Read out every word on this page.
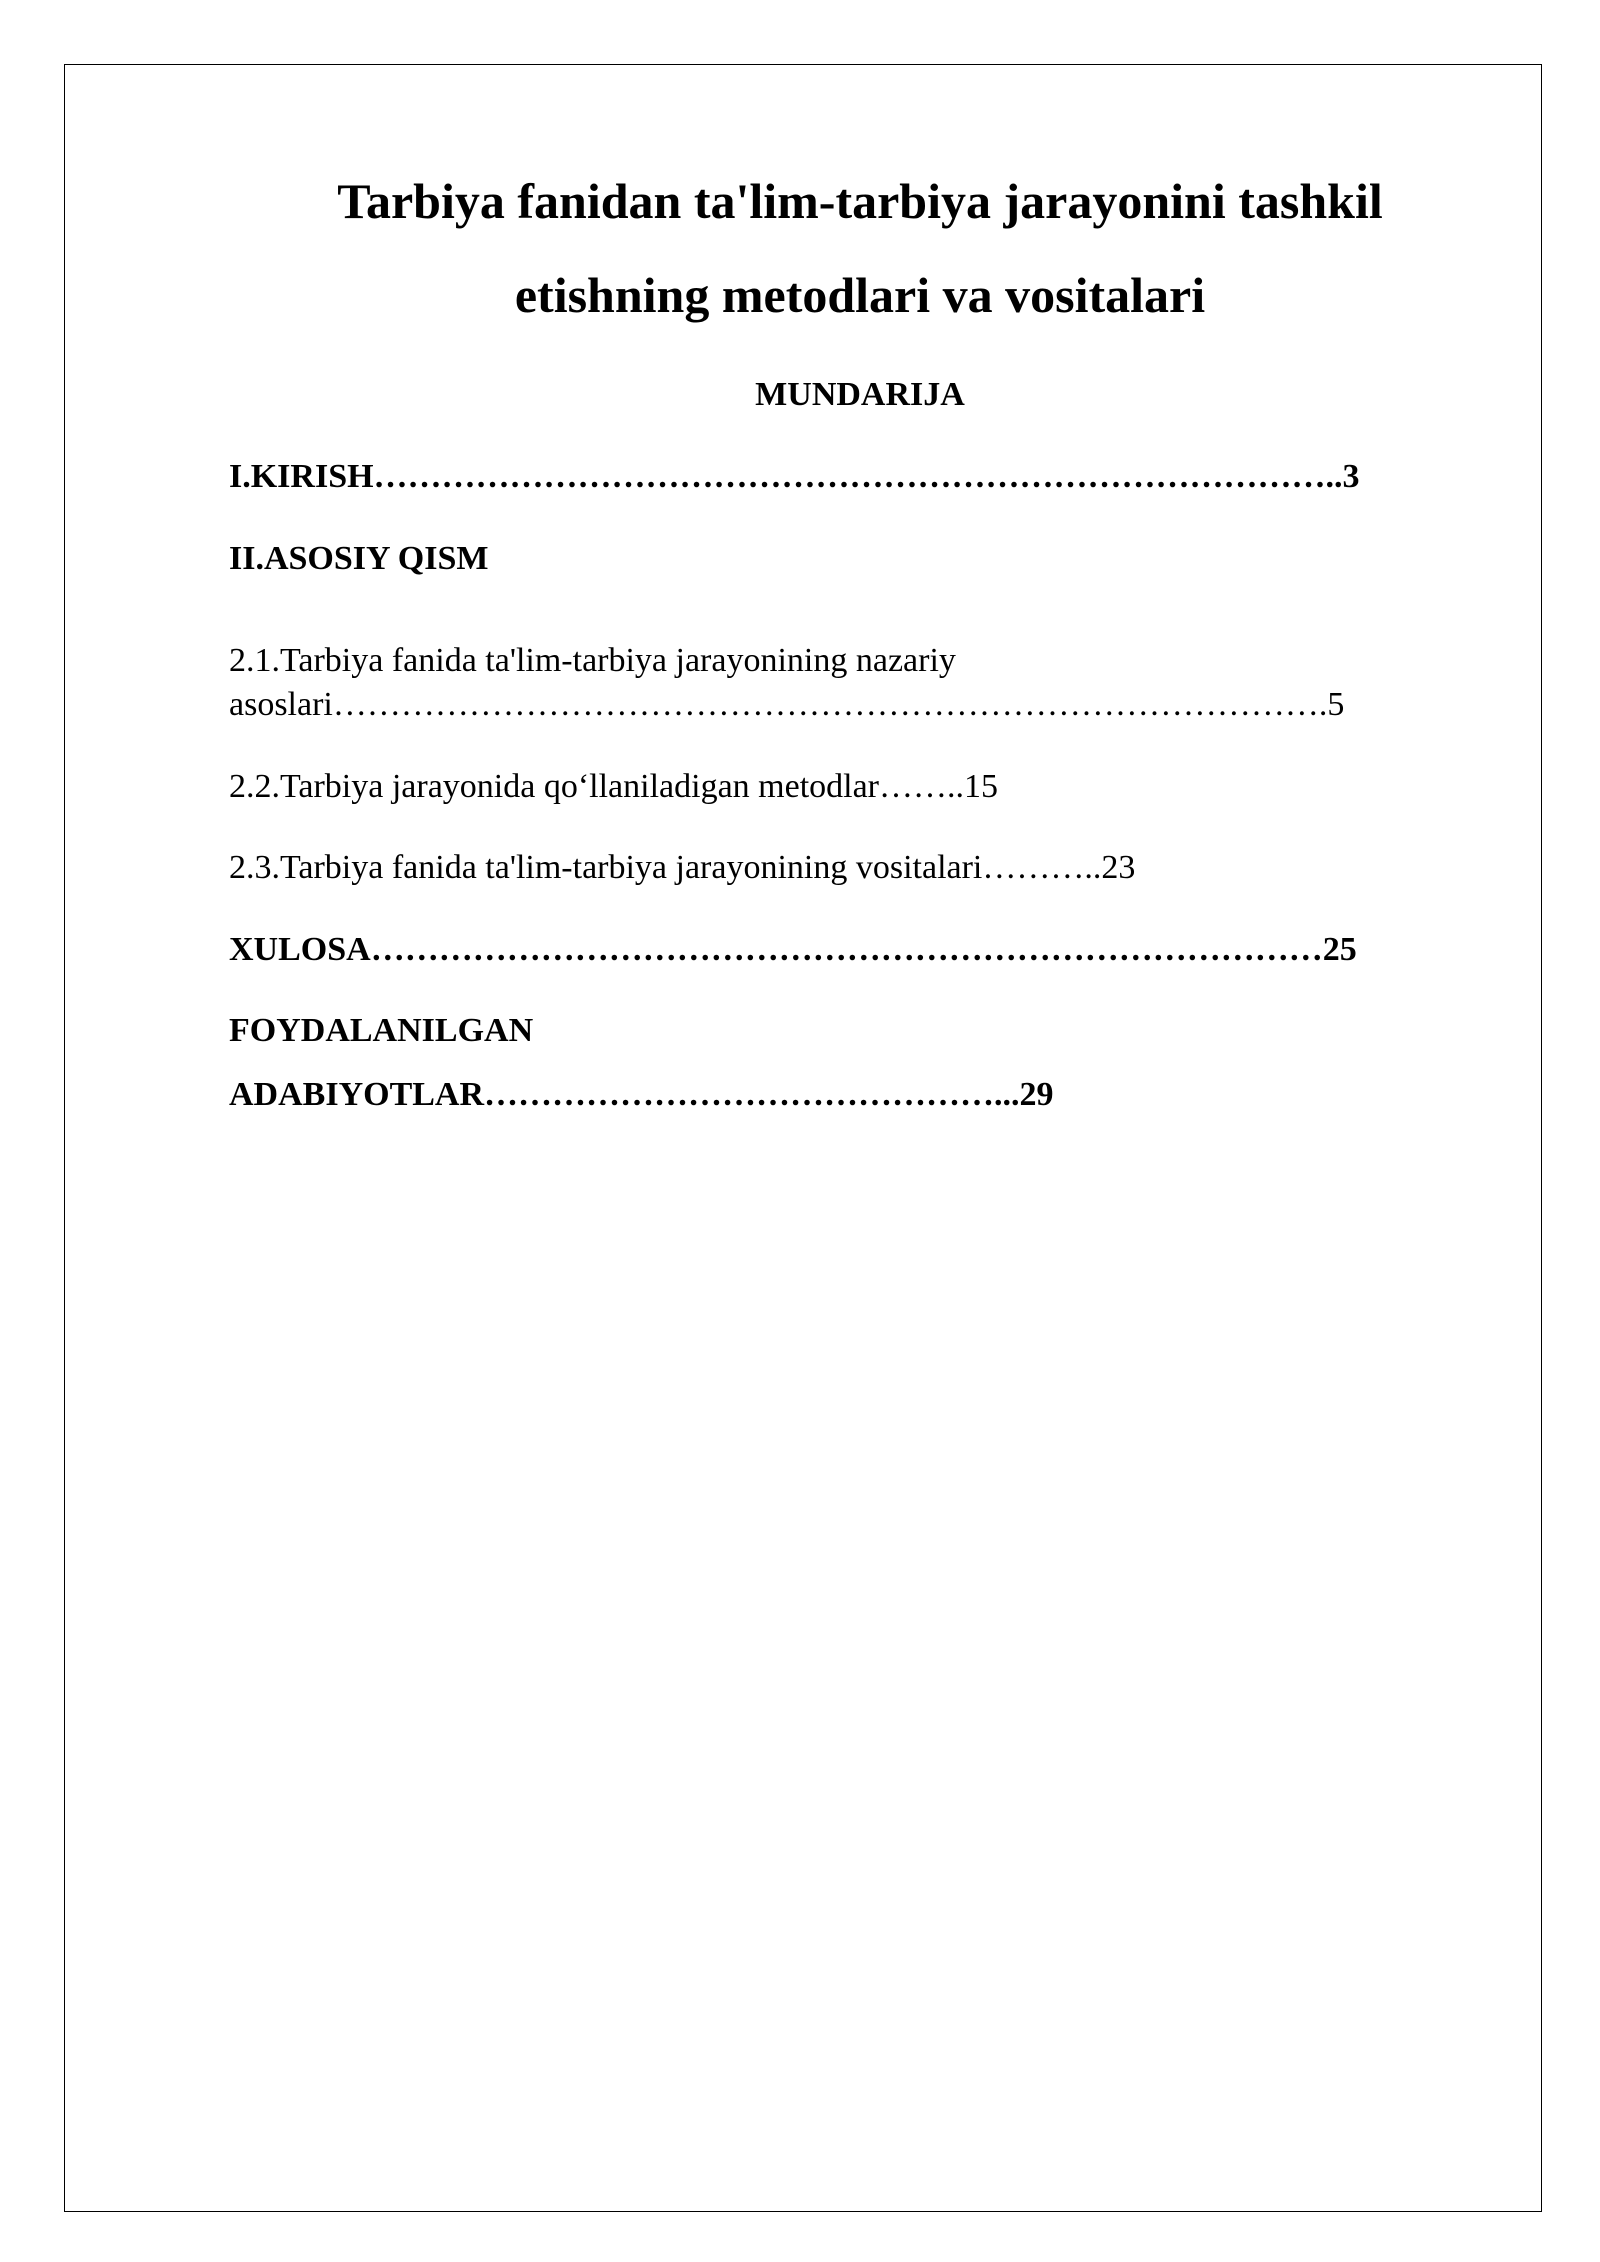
Tarbiya fanidan ta'lim-tarbiya jarayonini tashkil
etishning metodlari va vositalari
MUNDARIJA
I.KIRISH…………………………………………………………………………..3
II.ASOSIY QISM
2.1.Tarbiya fanida ta'lim-tarbiya jarayonining nazariy
asoslari…………………………………………………………………………….5
2.2.Tarbiya jarayonida qo‘llaniladigan metodlar……..15
2.3.Tarbiya fanida ta'lim-tarbiya jarayonining vositalari………..23
XULOSA…………………………………………………………………………25
FOYDALANILGAN
ADABIYOTLAR………………………………………...29
